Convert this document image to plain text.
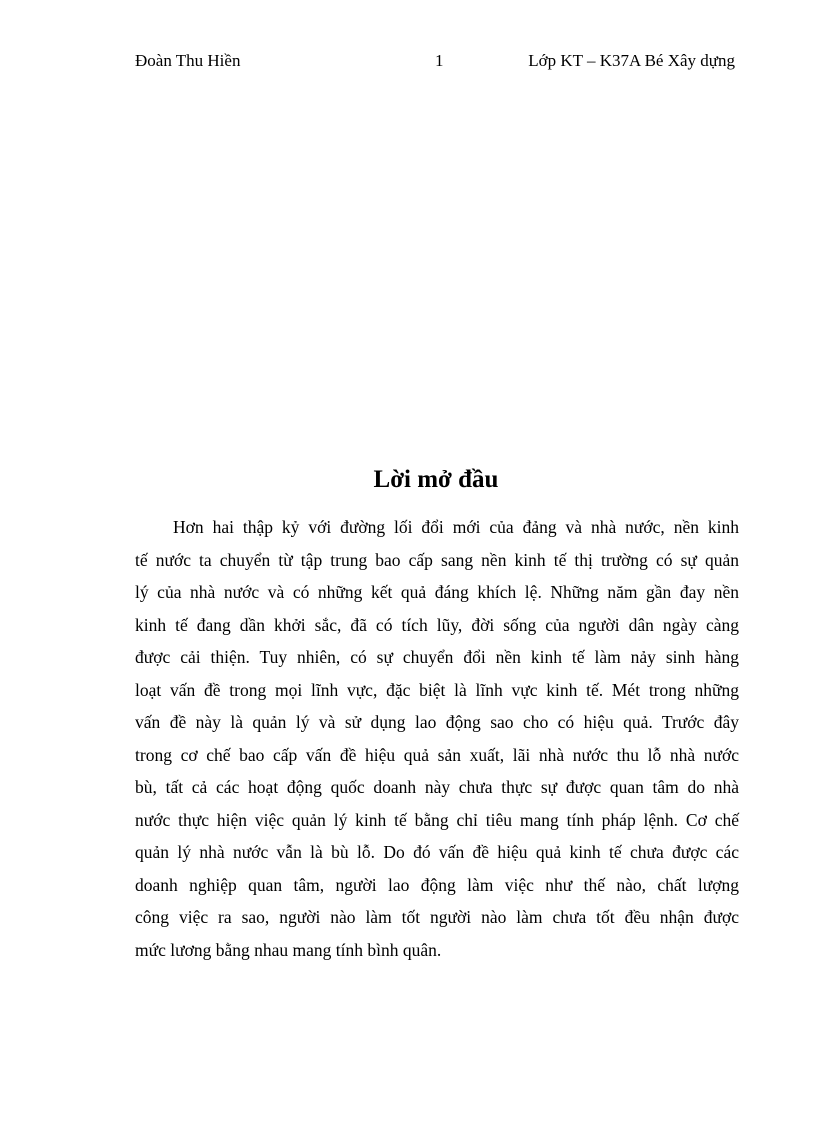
Đoàn Thu Hiền	1	Lớp KT – K37A Bé Xây dựng
Lời mở đầu
Hơn hai thập kỷ với đường lối đổi mới của đảng và nhà nước, nền kinh
tế nước ta chuyển từ tập trung bao cấp sang nền kinh tế thị trường có sự quản
lý của nhà nước và có những kết quả đáng khích lệ. Những năm gần đay nền
kinh tế đang dần khởi sắc, đã có tích lũy, đời sống của người dân ngày càng
được cải thiện. Tuy nhiên, có sự chuyển đổi nền kinh tế làm nảy sinh hàng
loạt vấn đề trong mọi lĩnh vực, đặc biệt là lĩnh vực kinh tế. Mét trong những
vấn đề này là quản lý và sử dụng lao động sao cho có hiệu quả. Trước đây
trong cơ chế bao cấp vấn đề hiệu quả sản xuất, lãi nhà nước thu lỗ nhà nước
bù, tất cả các hoạt động quốc doanh này chưa thực sự được quan tâm do nhà
nước thực hiện việc quản lý kinh tế bằng chỉ tiêu mang tính pháp lệnh. Cơ chế
quản lý nhà nước vẫn là bù lỗ. Do đó vấn đề hiệu quả kinh tế chưa được các
doanh nghiệp quan tâm, người lao động làm việc như thế nào, chất lượng
công việc ra sao, người nào làm tốt người nào làm chưa tốt đều nhận được
mức lương bằng nhau mang tính bình quân.
